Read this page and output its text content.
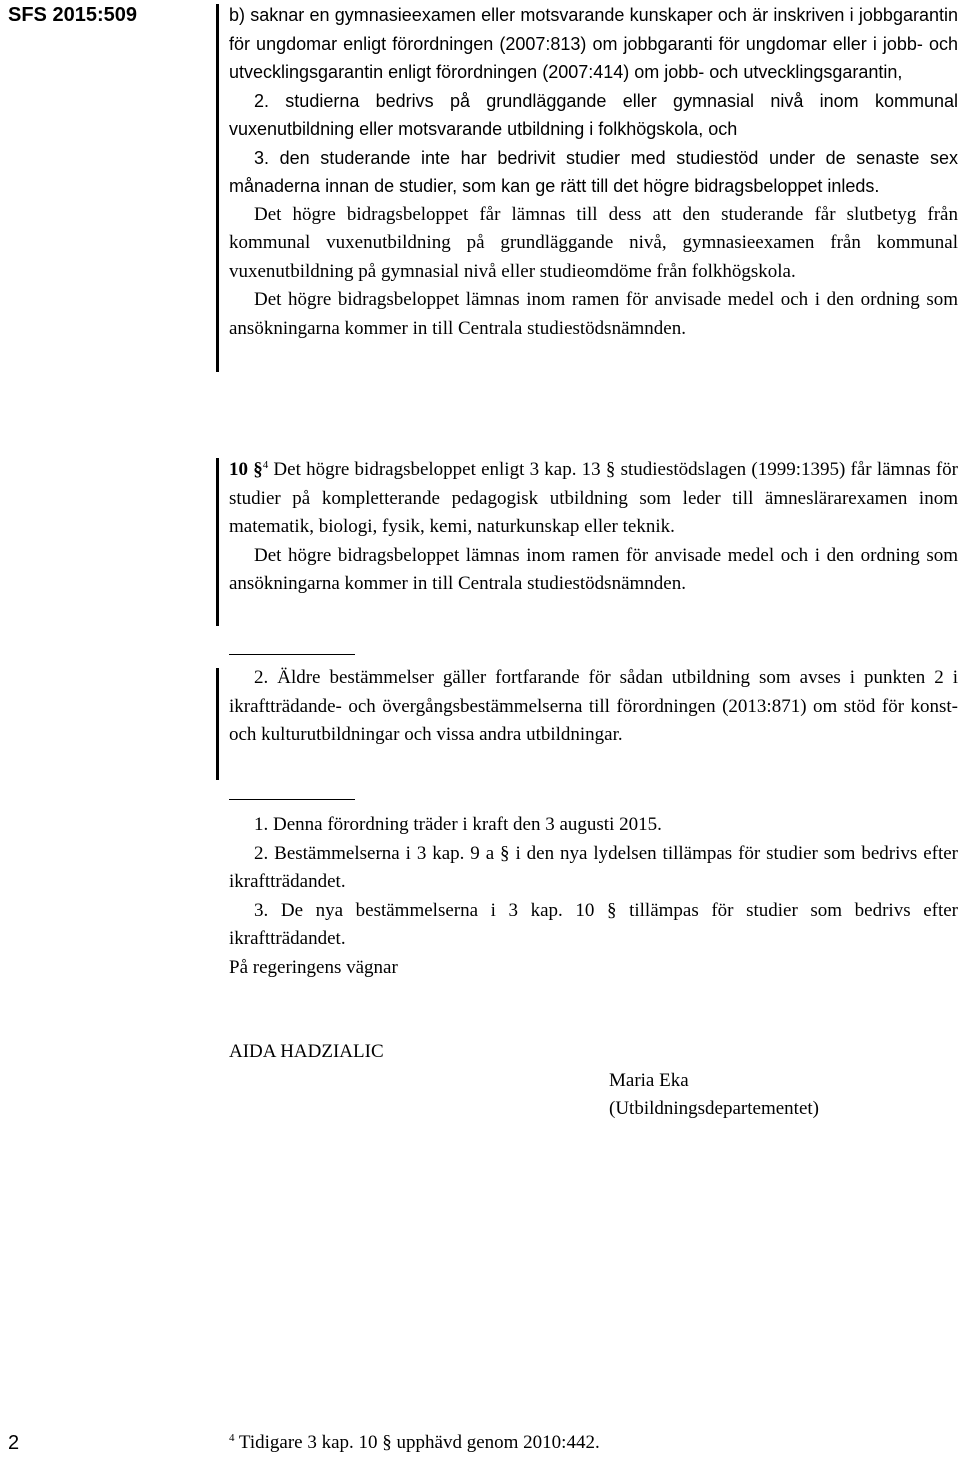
SFS 2015:509	b) saknar en gymnasieexamen eller motsvarande kunskaper och är inskriven i jobbgarantin för ungdomar enligt förordningen (2007:813) om jobbgaranti för ungdomar eller i jobb- och utvecklingsgarantin enligt förordningen (2007:414) om jobb- och utvecklingsgarantin,

2. studierna bedrivs på grundläggande eller gymnasial nivå inom kommunal vuxenutbildning eller motsvarande utbildning i folkhögskola, och

3. den studerande inte har bedrivit studier med studiestöd under de senaste sex månaderna innan de studier, som kan ge rätt till det högre bidragsbeloppet inleds.

Det högre bidragsbeloppet får lämnas till dess att den studerande får slutbetyg från kommunal vuxenutbildning på grundläggande nivå, gymnasieexamen från kommunal vuxenutbildning på gymnasial nivå eller studieomdöme från folkhögskola.

Det högre bidragsbeloppet lämnas inom ramen för anvisade medel och i den ordning som ansökningarna kommer in till Centrala studiestödsnämnden.

10 §$^4$ Det högre bidragsbeloppet enligt 3 kap. 13 § studiestödslagen (1999:1395) får lämnas för studier på kompletterande pedagogisk utbildning som leder till ämneslärarexamen inom matematik, biologi, fysik, kemi, naturkunskap eller teknik.

Det högre bidragsbeloppet lämnas inom ramen för anvisade medel och i den ordning som ansökningarna kommer in till Centrala studiestödsnämnden.

2. Äldre bestämmelser gäller fortfarande för sådan utbildning som avses i punkten 2 i ikraftträdande- och övergångsbestämmelserna till förordningen (2013:871) om stöd för konst- och kulturutbildningar och vissa andra utbildningar.

1. Denna förordning träder i kraft den 3 augusti 2015.

2. Bestämmelserna i 3 kap. 9 a § i den nya lydelsen tillämpas för studier som bedrivs efter ikraftträdandet.

3. De nya bestämmelserna i 3 kap. 10 § tillämpas för studier som bedrivs efter ikraftträdandet.

På regeringens vägnar
AIDA HADZIALIC
Maria Eka
(Utbildningsdepartementet)
2	$^4$ Tidigare 3 kap. 10 § upphävd genom 2010:442.
